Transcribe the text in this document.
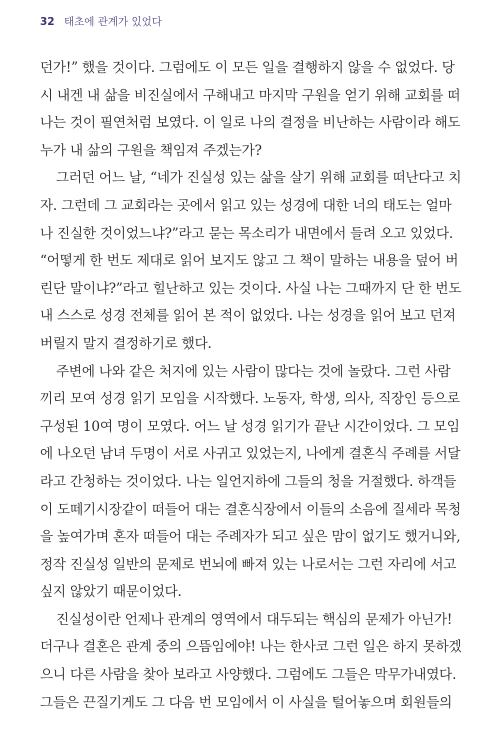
32 태초에 관계가 있었다
던가!” 했을 것이다. 그럼에도 이 모든 일을 결행하지 않을 수 없었다. 당
시 내겐 내 삶을 비진실에서 구해내고 마지막 구원을 얻기 위해 교회를 떠
나는 것이 필연처럼 보였다. 이 일로 나의 결정을 비난하는 사람이라 해도
누가 내 삶의 구원을 책임져 주겠는가?
그러던 어느 날, “네가 진실성 있는 삶을 살기 위해 교회를 떠난다고 치
자. 그런데 그 교회라는 곳에서 읽고 있는 성경에 대한 너의 태도는 얼마
나 진실한 것이었느냐?”라고 묻는 목소리가 내면에서 들려 오고 있었다.
“어떻게 한 번도 제대로 읽어 보지도 않고 그 책이 말하는 내용을 덮어 버
린단 말이냐?”라고 힐난하고 있는 것이다. 사실 나는 그때까지 단 한 번도
내 스스로 성경 전체를 읽어 본 적이 없었다. 나는 성경을 읽어 보고 던져
버릴지 말지 결정하기로 했다.
주변에 나와 같은 처지에 있는 사람이 많다는 것에 놀랐다. 그런 사람
끼리 모여 성경 읽기 모임을 시작했다. 노동자, 학생, 의사, 직장인 등으로
구성된 10여 명이 모였다. 어느 날 성경 읽기가 끝난 시간이었다. 그 모임
에 나오던 남녀 두명이 서로 사귀고 있었는지, 나에게 결혼식 주례를 서달
라고 간청하는 것이었다. 나는 일언지하에 그들의 청을 거절했다. 하객들
이 도떼기시장같이 떠들어 대는 결혼식장에서 이들의 소음에 질세라 목청
을 높여가며 혼자 떠들어 대는 주례자가 되고 싶은 맘이 없기도 했거니와,
정작 진실성 일반의 문제로 번뇌에 빠져 있는 나로서는 그런 자리에 서고
싶지 않았기 때문이었다.
진실성이란 언제나 관계의 영역에서 대두되는 핵심의 문제가 아닌가!
더구나 결혼은 관계 중의 으뜸임에야! 나는 한사코 그런 일은 하지 못하겠
으니 다른 사람을 찾아 보라고 사양했다. 그럼에도 그들은 막무가내였다.
그들은 끈질기게도 그 다음 번 모임에서 이 사실을 털어놓으며 회원들의
